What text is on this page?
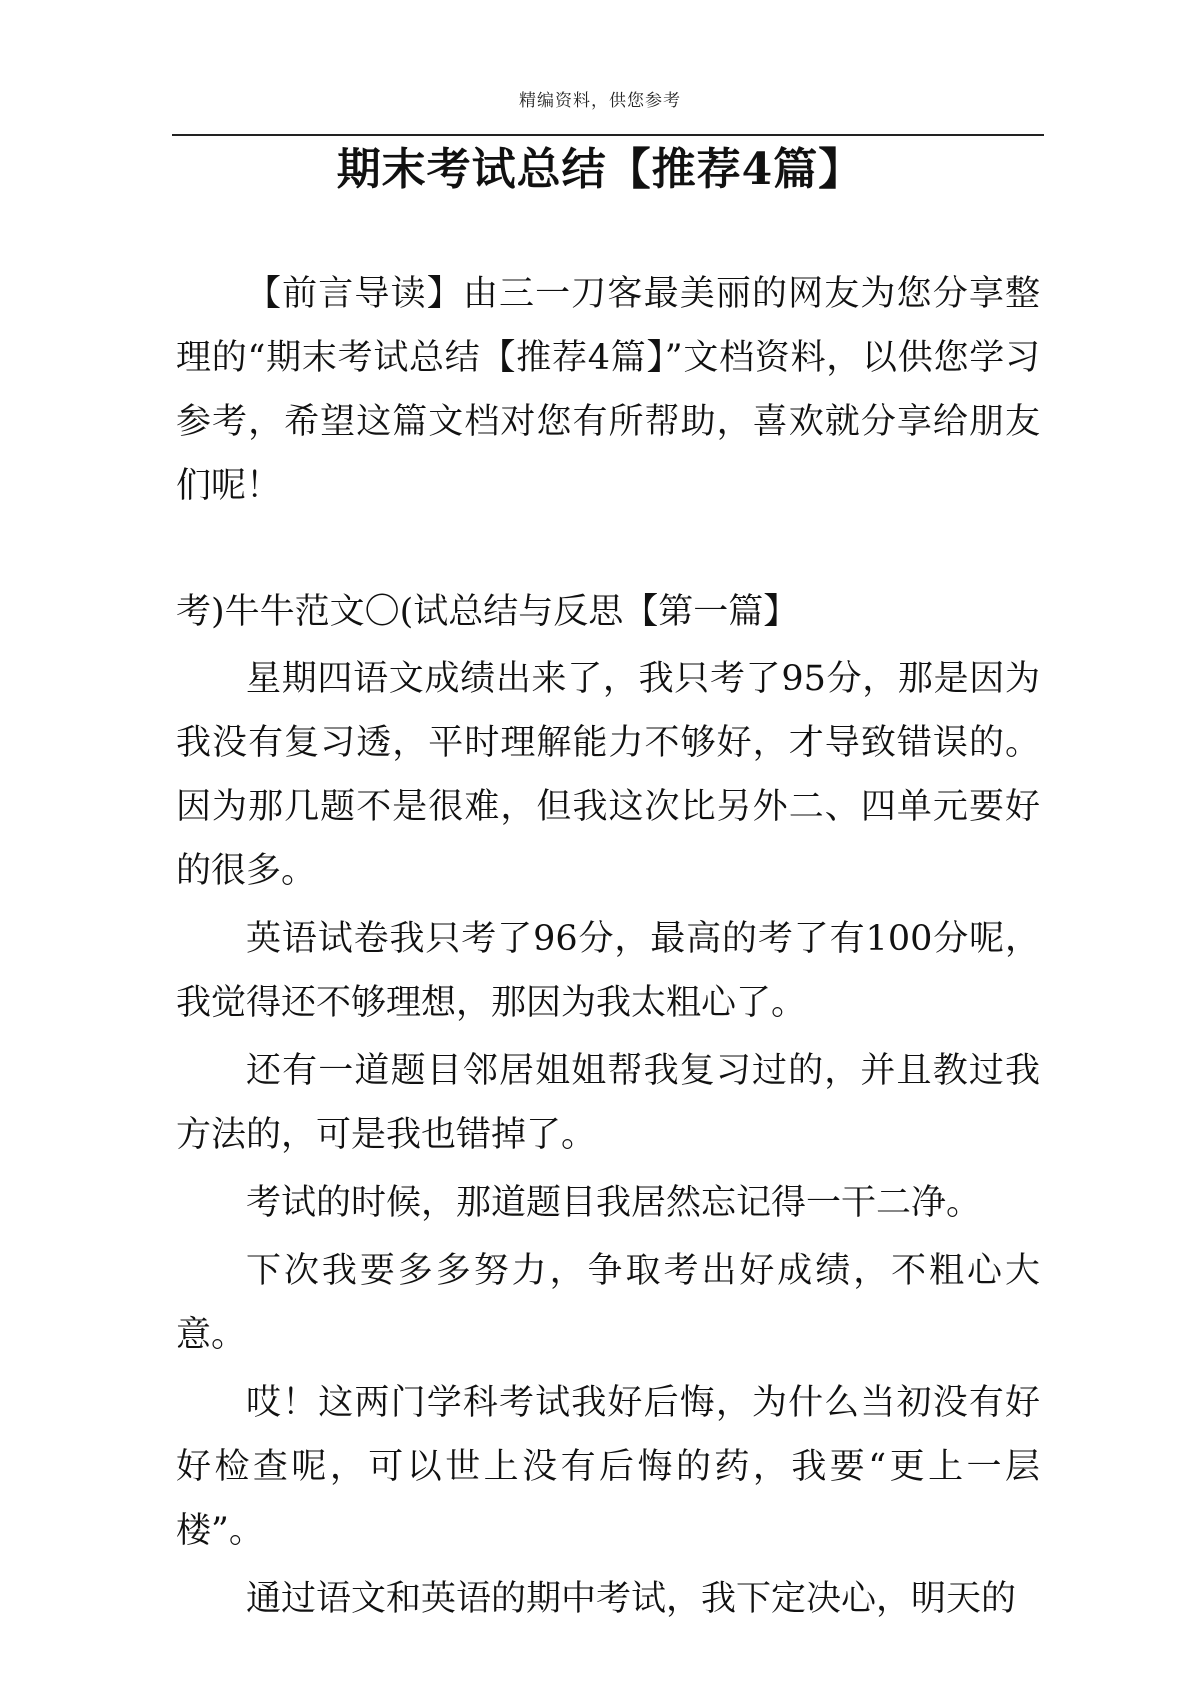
精编资料，供您参考
期末考试总结【推荐4篇】

【前言导读】由三一刀客最美丽的网友为您分享整理的“期末考试总结【推荐4篇】”文档资料，以供您学习参考，希望这篇文档对您有所帮助，喜欢就分享给朋友们呢！

考)牛牛范文〇(试总结与反思【第一篇】

星期四语文成绩出来了，我只考了95分，那是因为我没有复习透，平时理解能力不够好，才导致错误的。因为那几题不是很难，但我这次比另外二、四单元要好的很多。

英语试卷我只考了96分，最高的考了有100分呢，我觉得还不够理想，那因为我太粗心了。

还有一道题目邻居姐姐帮我复习过的，并且教过我方法的，可是我也错掉了。

考试的时候，那道题目我居然忘记得一干二净。

下次我要多多努力，争取考出好成绩，不粗心大意。

哎！这两门学科考试我好后悔，为什么当初没有好好检查呢，可以世上没有后悔的药，我要“更上一层楼”。

通过语文和英语的期中考试，我下定决心，明天的
